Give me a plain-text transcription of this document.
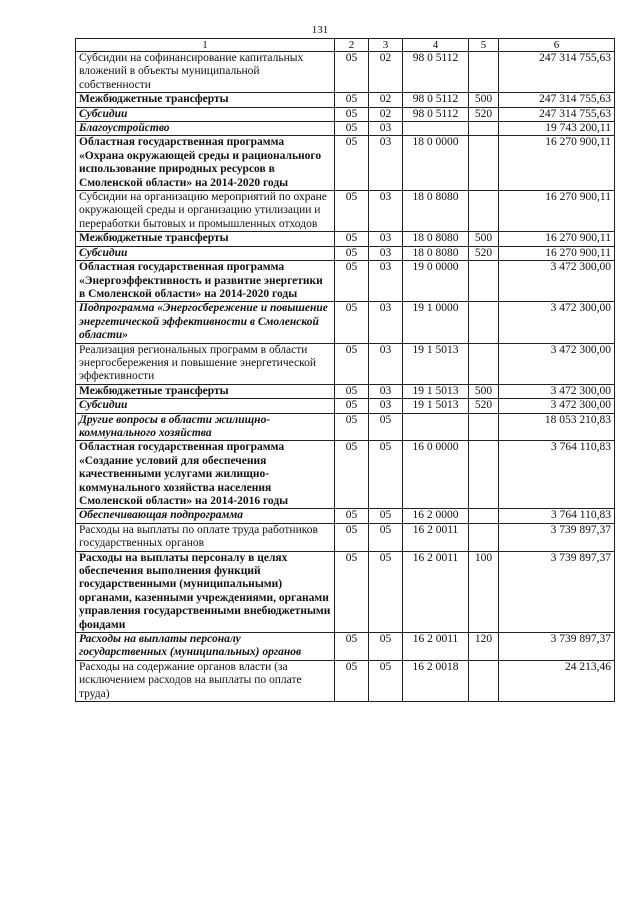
131
1	2	3	4	5	6
Субсидии на софинансирование капитальных вложений в объекты муниципальной собственности	05	02	98 0 5112		247 314 755,63
Межбюджетные трансферты	05	02	98 0 5112	500	247 314 755,63
Субсидии	05	02	98 0 5112	520	247 314 755,63
Благоустройство	05	03			19 743 200,11
Областная государственная программа «Охрана окружающей среды и рационального использование природных ресурсов в Смоленской области» на 2014-2020 годы	05	03	18 0 0000		16 270 900,11
Субсидии на организацию мероприятий по охране окружающей среды и организацию утилизации и переработки бытовых и промышленных отходов	05	03	18 0 8080		16 270 900,11
Межбюджетные трансферты	05	03	18 0 8080	500	16 270 900,11
Субсидии	05	03	18 0 8080	520	16 270 900,11
Областная государственная программа «Энергоэффективность и развитие энергетики в Смоленской области» на 2014-2020 годы	05	03	19 0 0000		3 472 300,00
Подпрограмма «Энергосбережение и повышение энергетической эффективности в Смоленской области»	05	03	19 1 0000		3 472 300,00
Реализация региональных программ в области энергосбережения и повышение энергетической эффективности	05	03	19 1 5013		3 472 300,00
Межбюджетные трансферты	05	03	19 1 5013	500	3 472 300,00
Субсидии	05	03	19 1 5013	520	3 472 300,00
Другие вопросы в области жилищно-коммунального хозяйства	05	05			18 053 210,83
Областная государственная программа «Создание условий для обеспечения качественными услугами жилищно-коммунального хозяйства населения Смоленской области» на 2014-2016 годы	05	05	16 0 0000		3 764 110,83
Обеспечивающая подпрограмма	05	05	16 2 0000		3 764 110,83
Расходы на выплаты по оплате труда работников государственных органов	05	05	16 2 0011		3 739 897,37
Расходы на выплаты персоналу в целях обеспечения выполнения функций государственными (муниципальными) органами, казенными учреждениями, органами управления государственными внебюджетными фондами	05	05	16 2 0011	100	3 739 897,37
Расходы на выплаты персоналу государственных (муниципальных) органов	05	05	16 2 0011	120	3 739 897,37
Расходы на содержание органов власти (за исключением расходов на выплаты по оплате труда)	05	05	16 2 0018		24 213,46
